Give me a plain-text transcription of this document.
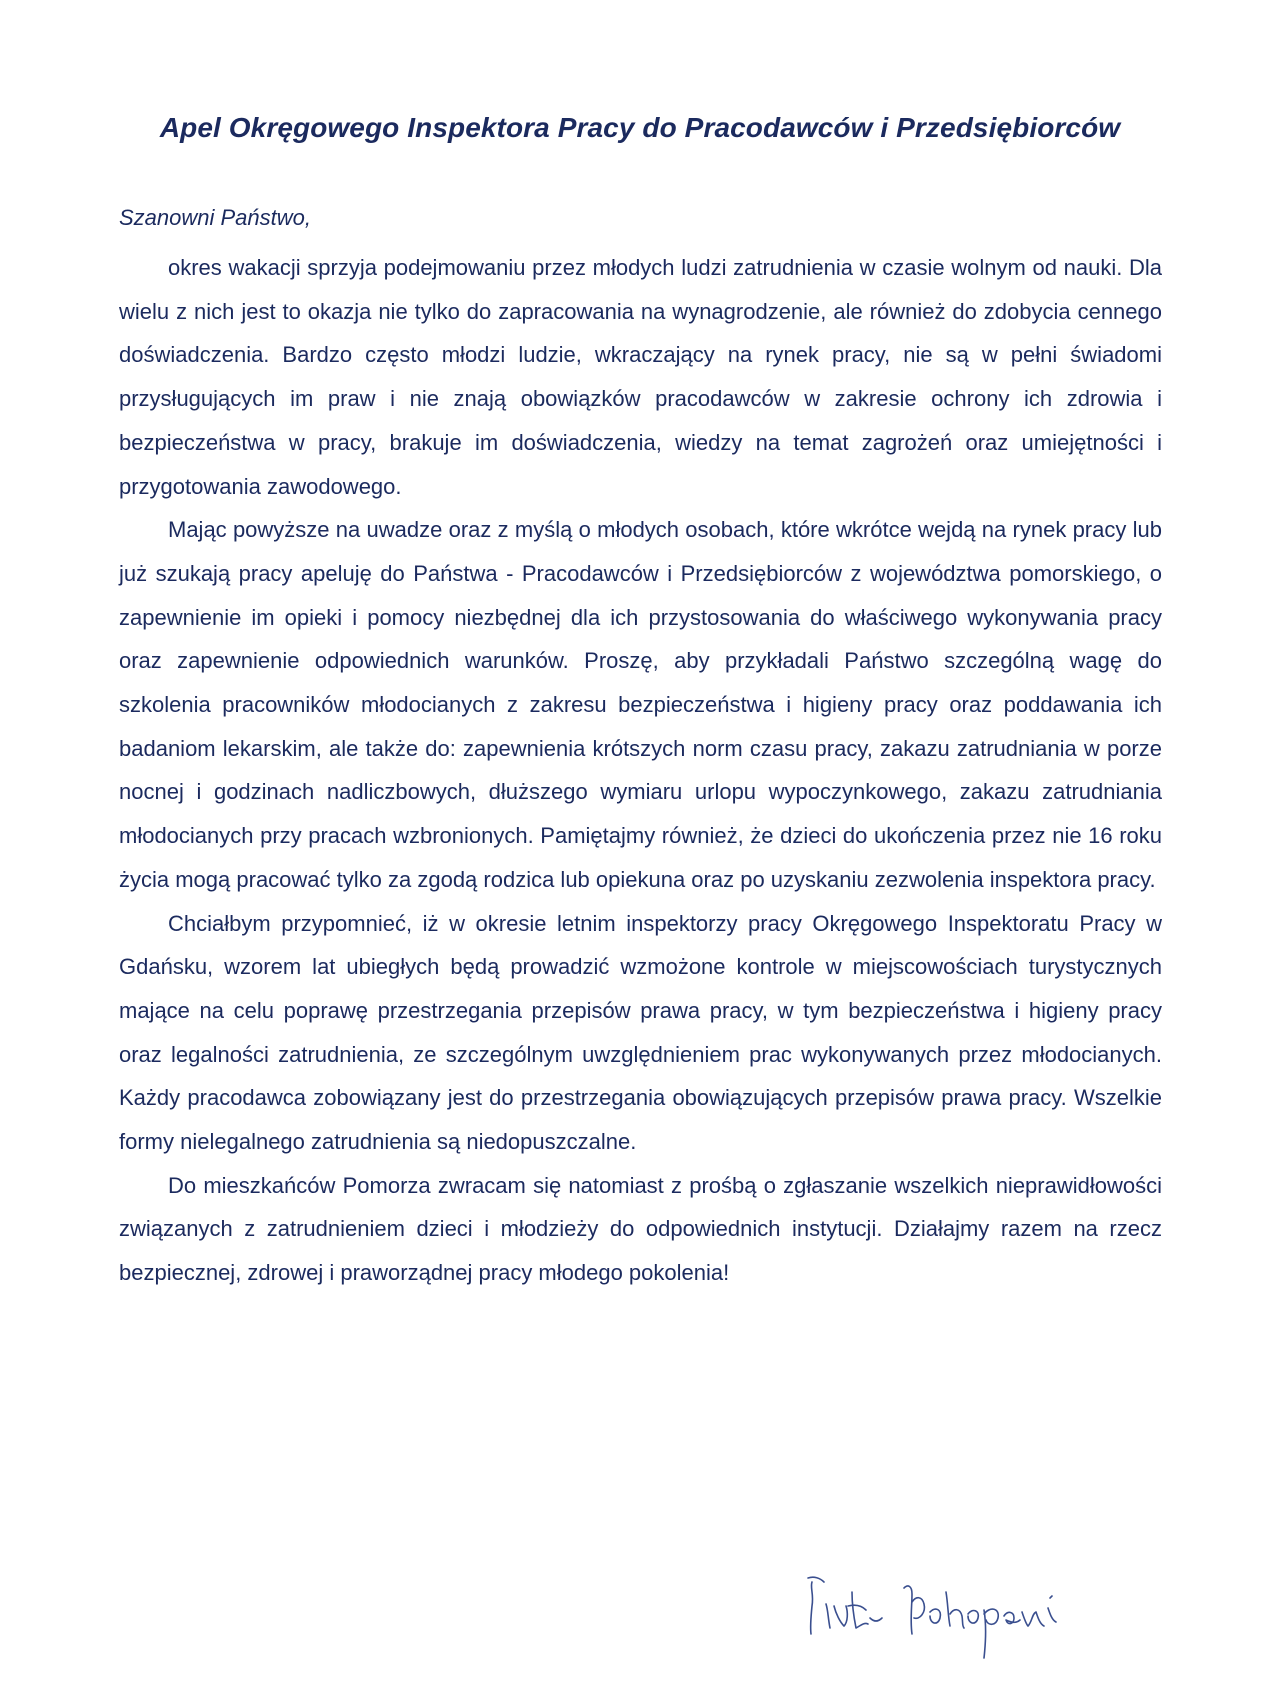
Apel Okręgowego Inspektora Pracy do Pracodawców i Przedsiębiorców

Szanowni Państwo,

okres wakacji sprzyja podejmowaniu przez młodych ludzi zatrudnienia w czasie wolnym od nauki. Dla wielu z nich jest to okazja nie tylko do zapracowania na wynagrodzenie, ale również do zdobycia cennego doświadczenia. Bardzo często młodzi ludzie, wkraczający na rynek pracy, nie są w pełni świadomi przysługujących im praw i nie znają obowiązków pracodawców w zakresie ochrony ich zdrowia i bezpieczeństwa w pracy, brakuje im doświadczenia, wiedzy na temat zagrożeń oraz umiejętności i przygotowania zawodowego.

Mając powyższe na uwadze oraz z myślą o młodych osobach, które wkrótce wejdą na rynek pracy lub już szukają pracy apeluję do Państwa - Pracodawców i Przedsiębiorców z województwa pomorskiego, o zapewnienie im opieki i pomocy niezbędnej dla ich przystosowania do właściwego wykonywania pracy oraz zapewnienie odpowiednich warunków. Proszę, aby przykładali Państwo szczególną wagę do szkolenia pracowników młodocianych z zakresu bezpieczeństwa i higieny pracy oraz poddawania ich badaniom lekarskim, ale także do: zapewnienia krótszych norm czasu pracy, zakazu zatrudniania w porze nocnej i godzinach nadliczbowych, dłuższego wymiaru urlopu wypoczynkowego, zakazu zatrudniania młodocianych przy pracach wzbronionych. Pamiętajmy również, że dzieci do ukończenia przez nie 16 roku życia mogą pracować tylko za zgodą rodzica lub opiekuna oraz po uzyskaniu zezwolenia inspektora pracy.

Chciałbym przypomnieć, iż w okresie letnim inspektorzy pracy Okręgowego Inspektoratu Pracy w Gdańsku, wzorem lat ubiegłych będą prowadzić wzmożone kontrole w miejscowościach turystycznych mające na celu poprawę przestrzegania przepisów prawa pracy, w tym bezpieczeństwa i higieny pracy oraz legalności zatrudnienia, ze szczególnym uwzględnieniem prac wykonywanych przez młodocianych. Każdy pracodawca zobowiązany jest do przestrzegania obowiązujących przepisów prawa pracy. Wszelkie formy nielegalnego zatrudnienia są niedopuszczalne.

Do mieszkańców Pomorza zwracam się natomiast z prośbą o zgłaszanie wszelkich nieprawidłowości związanych z zatrudnieniem dzieci i młodzieży do odpowiednich instytucji. Działajmy razem na rzecz bezpiecznej, zdrowej i praworządnej pracy młodego pokolenia!
